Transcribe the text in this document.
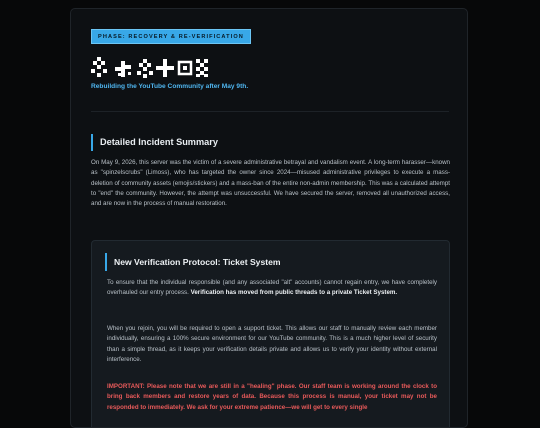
PHASE: RECOVERY & RE-VERIFICATION
Rebuilding the YouTube Community after May 9th.
Detailed Incident Summary
On May 9, 2026, this server was the victim of a severe administrative betrayal and vandalism event. A long-term harasser—known as "spinzelscrubs" (Limoss), who has targeted the owner since 2024—misused administrative privileges to execute a mass-deletion of community assets (emojis/stickers) and a mass-ban of the entire non-admin membership. This was a calculated attempt to "end" the community. However, the attempt was unsuccessful. We have secured the server, removed all unauthorized access, and are now in the process of manual restoration.
New Verification Protocol: Ticket System
To ensure that the individual responsible (and any associated "alt" accounts) cannot regain entry, we have completely overhauled our entry process. Verification has moved from public threads to a private Ticket System.
When you rejoin, you will be required to open a support ticket. This allows our staff to manually review each member individually, ensuring a 100% secure environment for our YouTube community. This is a much higher level of security than a simple thread, as it keeps your verification details private and allows us to verify your identity without external interference.
IMPORTANT: Please note that we are still in a "healing" phase. Our staff team is working around the clock to bring back members and restore years of data. Because this process is manual, your ticket may not be responded to immediately. We ask for your extreme patience—we will get to every single
